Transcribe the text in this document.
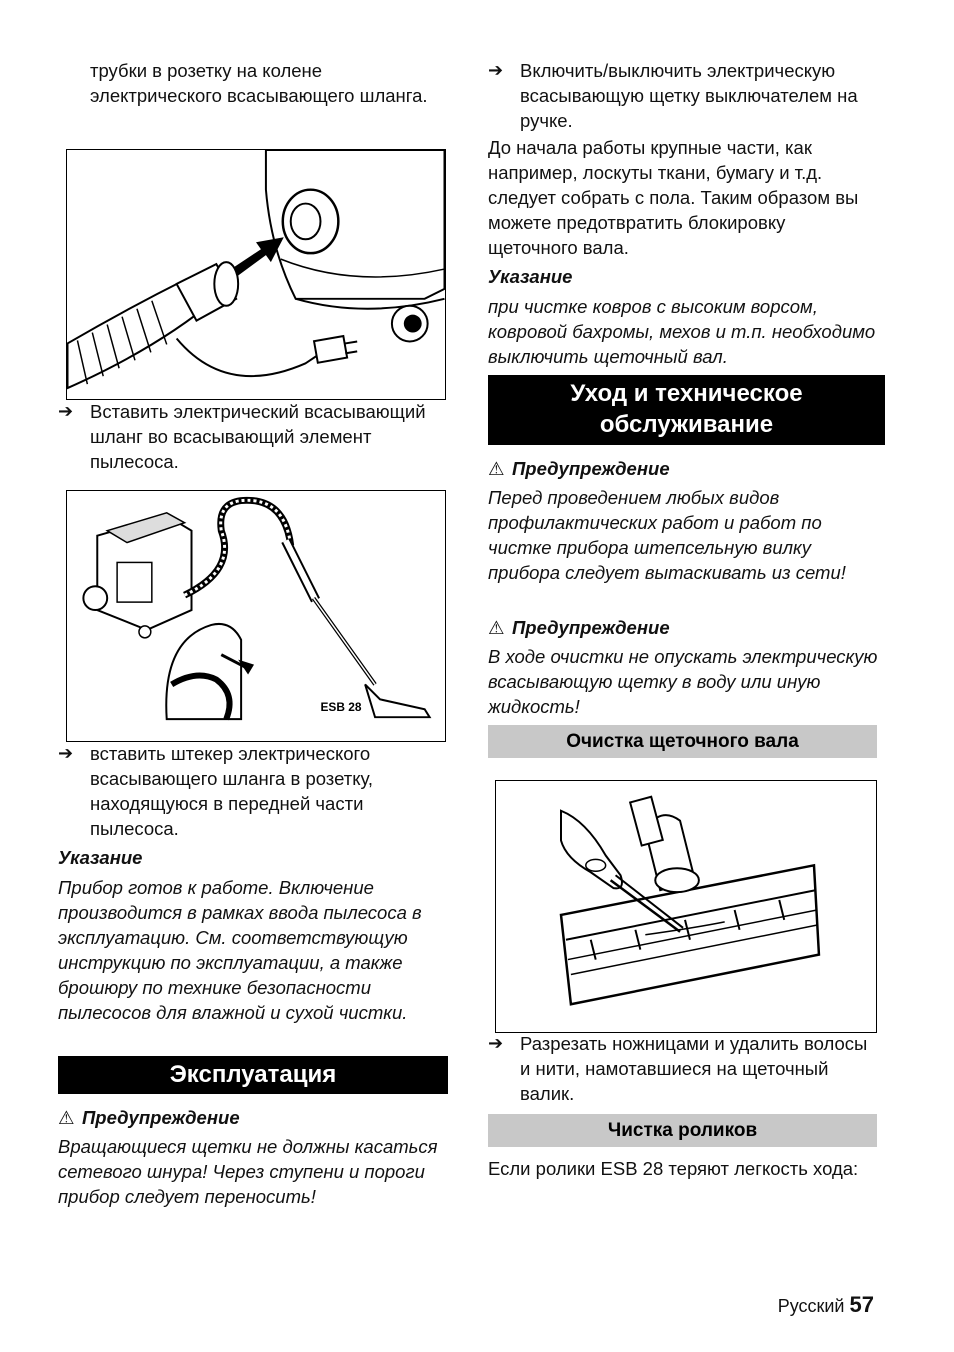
трубки в розетку на колене электрического всасывающего шланга.

➔ Вставить электрический всасывающий шланг во всасывающий элемент пылесоса.

ESB 28
➔ вставить штекер электрического всасывающего шланга в розетку, находящуюся в передней части пылесоса.

Указание

Прибор готов к работе. Включение производится в рамках ввода пылесоса в эксплуатацию. См. соответствующую инструкцию по эксплуатации, а также брошюру по технике безопасности пылесосов для влажной и сухой чистки.

Эксплуатация

⚠ Предупреждение

Вращающиеся щетки не должны касаться сетевого шнура! Через ступени и пороги прибор следует переносить!

➔ Включить/выключить электрическую всасывающую щетку выключателем на ручке.

До начала работы крупные части, как например, лоскуты ткани, бумагу и т.д. следует собрать с пола. Таким образом вы можете предотвратить блокировку щеточного вала.

Указание

при чистке ковров с высоким ворсом, ковровой бахромы, мехов и т.п. необходимо выключить щеточный вал.

Уход и техническое
обслуживание

⚠ Предупреждение

Перед проведением любых видов профилактических работ и работ по чистке прибора штепсельную вилку прибора следует вытаскивать из сети!

⚠ Предупреждение

В ходе очистки не опускать электрическую всасывающую щетку в воду или иную жидкость!

Очистка щеточного вала
➔ Разрезать ножницами и удалить волосы и нити, намотавшиеся на щеточный валик.

Чистка роликов

Если ролики ESB 28 теряют легкость хода:

Русский 57
